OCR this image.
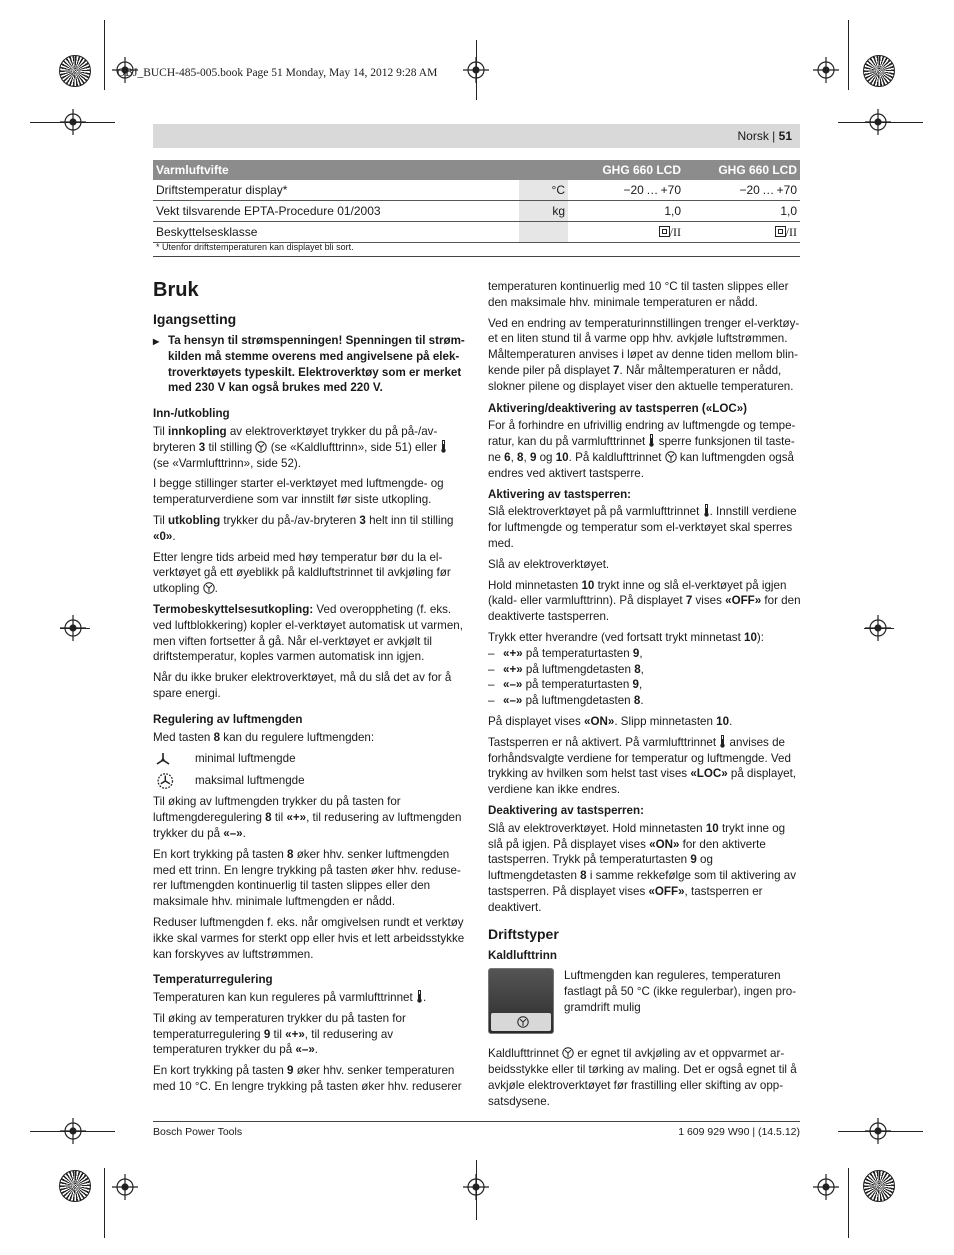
OBJ_BUCH-485-005.book Page 51 Monday, May 14, 2012 9:28 AM
Norsk | 51
Varmluftvifte		GHG 660 LCD	GHG 660 LCD
Driftstemperatur display*	°C	−20 … +70	−20 … +70
Vekt tilsvarende EPTA-Procedure 01/2003	kg	1,0	1,0
Beskyttelsesklasse		/II	/II
* Utenfor driftstemperaturen kan displayet bli sort.
Bruk
Igangsetting

▶ Ta hensyn til strømspenningen! Spenningen til strømkilden må stemme overens med angivelsene på elektroverktøyets typeskilt. Elektroverktøy som er merket med 230 V kan også brukes med 220 V.

Inn-/utkobling

Til innkopling av elektroverktøyet trykker du på på-/av-bryteren 3 til stilling  (se «Kaldlufttrinn», side 51) eller  (se «Varmlufttrinn», side 52).

I begge stillinger starter el-verktøyet med luftmengde- og temperaturverdiene som var innstilt før siste utkopling.

Til utkobling trykker du på-/av-bryteren 3 helt inn til stilling «0».

Etter lengre tids arbeid med høy temperatur bør du la el-verktøyet gå ett øyeblikk på kaldluftstrinnet til avkjøling før utkopling .

Termobeskyttelsesutkopling: Ved overoppheting (f. eks. ved luftblokkering) kopler el-verktøyet automatisk ut varmen, men viften fortsetter å gå. Når el-verktøyet er avkjølt til driftstemperatur, koples varmen automatisk inn igjen.

Når du ikke bruker elektroverktøyet, må du slå det av for å spare energi.

Regulering av luftmengden

Med tasten 8 kan du regulere luftmengden:

minimal luftmengde
maksimal luftmengde

Til øking av luftmengden trykker du på tasten for luftmengderegulering 8 til «+», til redusering av luftmengden trykker du på «–».

En kort trykking på tasten 8 øker hhv. senker luftmengden med ett trinn. En lengre trykking på tasten øker hhv. reduserer luftmengden kontinuerlig til tasten slippes eller den maksimale hhv. minimale luftmengden er nådd.

Reduser luftmengden f. eks. når omgivelsen rundt et verktøy ikke skal varmes for sterkt opp eller hvis et lett arbeidsstykke kan forskyves av luftstrømmen.

Temperaturregulering

Temperaturen kan kun reguleres på varmlufttrinnet .

Til øking av temperaturen trykker du på tasten for temperaturregulering 9 til «+», til redusering av temperaturen trykker du på «–».

En kort trykking på tasten 9 øker hhv. senker temperaturen med 10 °C. En lengre trykking på tasten øker hhv. reduserer

temperaturen kontinuerlig med 10 °C til tasten slippes eller den maksimale hhv. minimale temperaturen er nådd.

Ved en endring av temperaturinnstillingen trenger el-verktøyet en liten stund til å varme opp hhv. avkjøle luftstrømmen. Måltemperaturen anvises i løpet av denne tiden mellom blinkende piler på displayet 7. Når måltemperaturen er nådd, slokner pilene og displayet viser den aktuelle temperaturen.

Aktivering/deaktivering av tastsperren («LOC»)

For å forhindre en ufrivillig endring av luftmengde og temperatur, kan du på varmlufttrinnet  sperre funksjonen til tastene 6, 8, 9 og 10. På kaldlufttrinnet  kan luftmengden også endres ved aktivert tastsperre.

Aktivering av tastsperren:

Slå elektroverktøyet på på varmlufttrinnet . Innstill verdiene for luftmengde og temperatur som el-verktøyet skal sperres med.

Slå av elektroverktøyet.

Hold minnetasten 10 trykt inne og slå el-verktøyet på igjen (kald- eller varmlufttrinn). På displayet 7 vises «OFF» for den deaktiverte tastsperren.

Trykk etter hverandre (ved fortsatt trykt minnetast 10):

– «+» på temperaturtasten 9,

– «+» på luftmengdetasten 8,

– «–» på temperaturtasten 9,

– «–» på luftmengdetasten 8.

På displayet vises «ON». Slipp minnetasten 10.

Tastsperren er nå aktivert. På varmlufttrinnet  anvises de forhåndsvalgte verdiene for temperatur og luftmengde. Ved trykking av hvilken som helst tast vises «LOC» på displayet, verdiene kan ikke endres.

Deaktivering av tastsperren:

Slå av elektroverktøyet. Hold minnetasten 10 trykt inne og slå på igjen. På displayet vises «ON» for den aktiverte tastsperren. Trykk på temperaturtasten 9 og luftmengdetasten 8 i samme rekkefølge som til aktivering av tastsperren. På displayet vises «OFF», tastsperren er deaktivert.

Driftstyper
Kaldlufttrinn
Luftmengden kan reguleres, temperaturen fastlagt på 50 °C (ikke regulerbar), ingen programdrift mulig

Kaldlufttrinnet  er egnet til avkjøling av et oppvarmet arbeidsstykke eller til tørking av maling. Det er også egnet til å avkjøle elektroverktøyet før frastilling eller skifting av oppsatsdysene.

Bosch Power Tools	1 609 929 W90 | (14.5.12)
